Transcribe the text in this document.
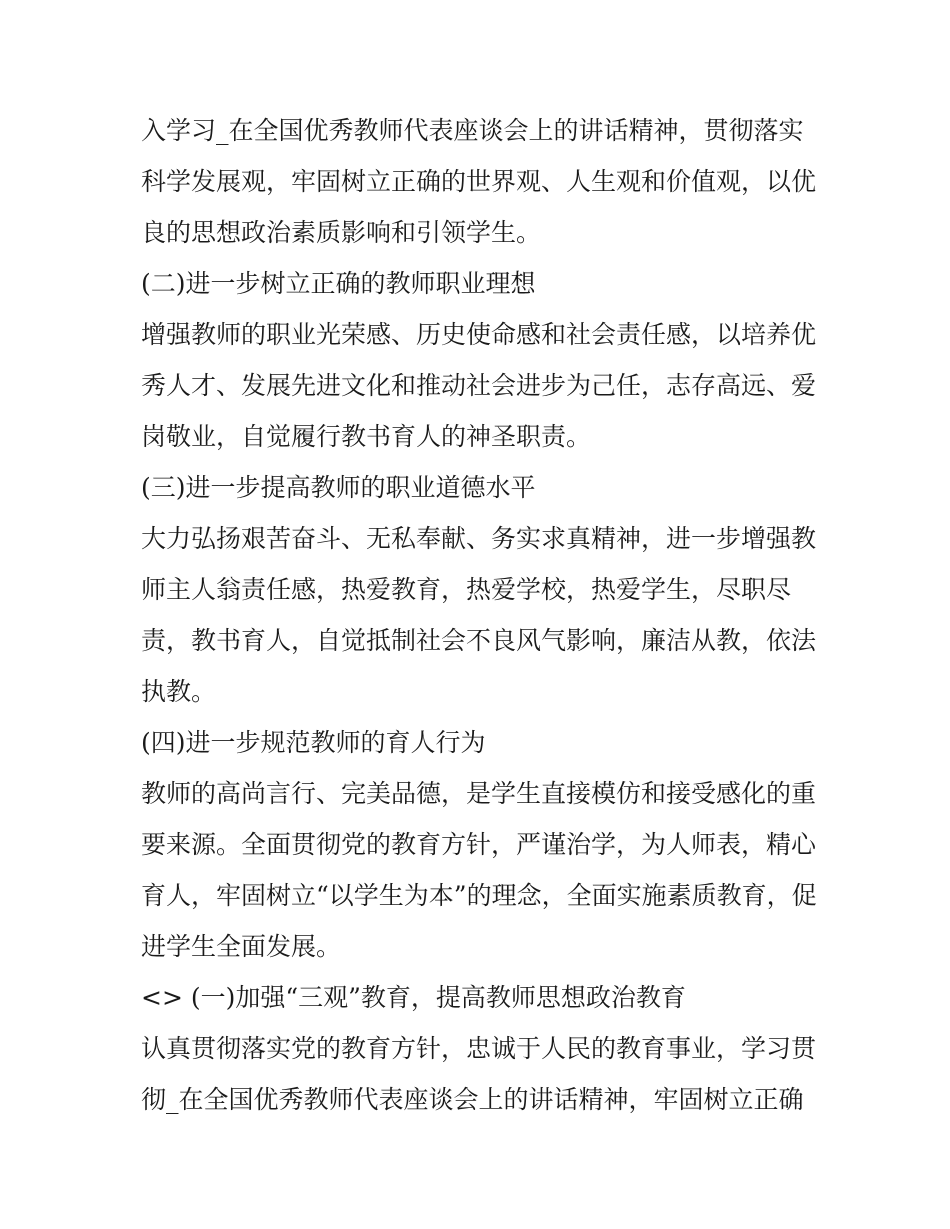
入学习_在全国优秀教师代表座谈会上的讲话精神，贯彻落实
科学发展观，牢固树立正确的世界观、人生观和价值观，以优
良的思想政治素质影响和引领学生。
(二)进一步树立正确的教师职业理想
增强教师的职业光荣感、历史使命感和社会责任感，以培养优
秀人才、发展先进文化和推动社会进步为己任，志存高远、爱
岗敬业，自觉履行教书育人的神圣职责。
(三)进一步提高教师的职业道德水平
大力弘扬艰苦奋斗、无私奉献、务实求真精神，进一步增强教
师主人翁责任感，热爱教育，热爱学校，热爱学生，尽职尽
责，教书育人，自觉抵制社会不良风气影响，廉洁从教，依法
执教。
(四)进一步规范教师的育人行为
教师的高尚言行、完美品德，是学生直接模仿和接受感化的重
要来源。全面贯彻党的教育方针，严谨治学，为人师表，精心
育人，牢固树立“以学生为本”的理念，全面实施素质教育，促
进学生全面发展。
<> (一)加强“三观”教育，提高教师思想政治教育
认真贯彻落实党的教育方针，忠诚于人民的教育事业，学习贯
彻_在全国优秀教师代表座谈会上的讲话精神，牢固树立正确
